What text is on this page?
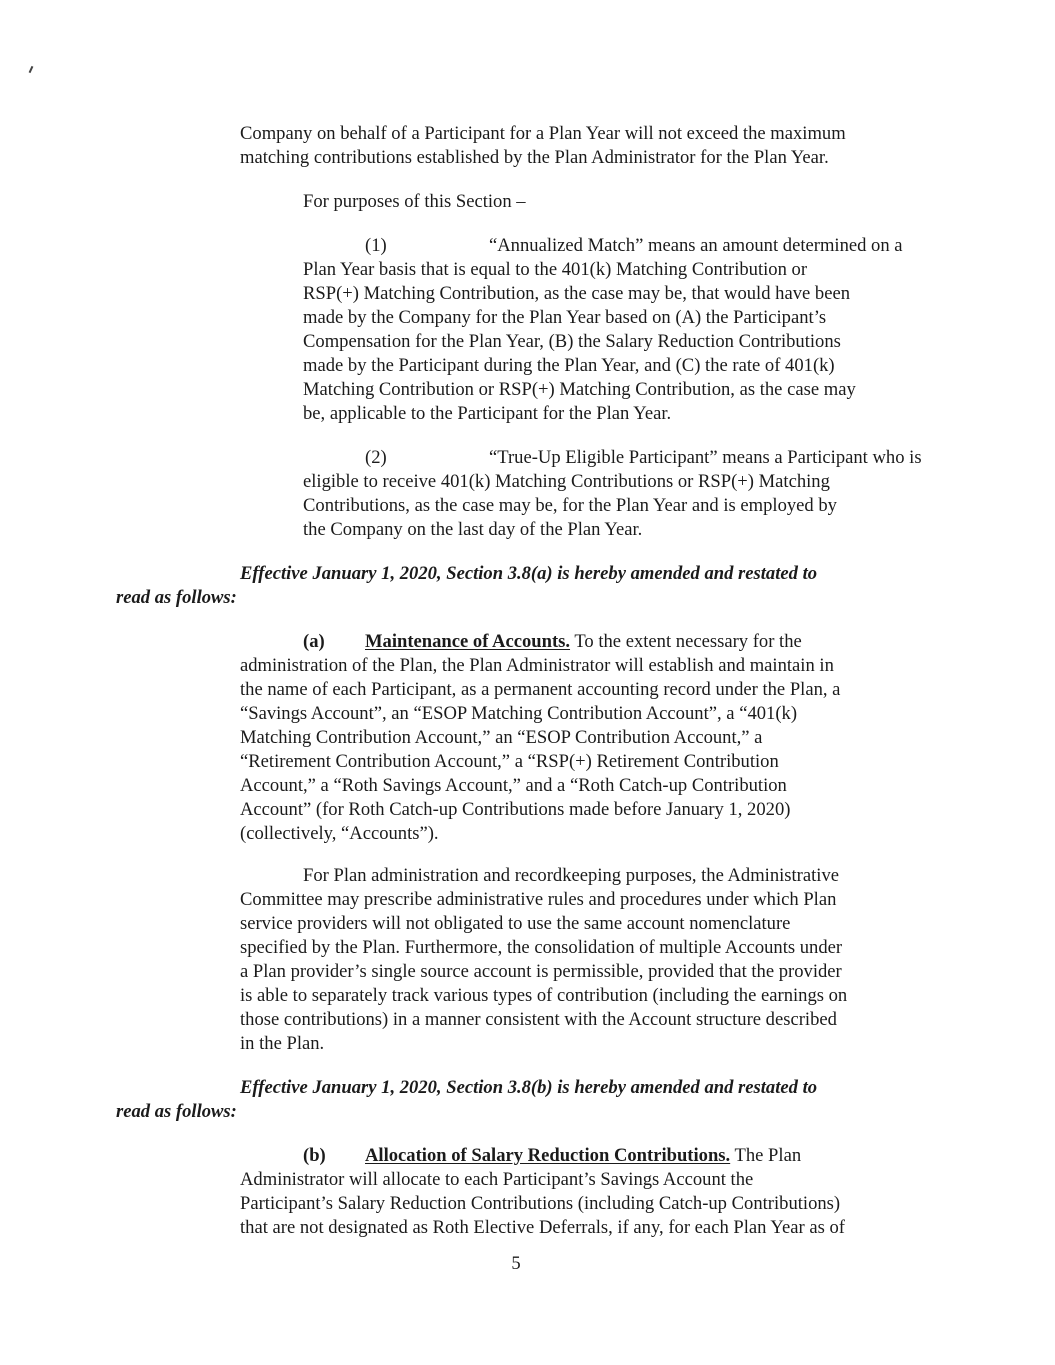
Company on behalf of a Participant for a Plan Year will not exceed the maximum
matching contributions established by the Plan Administrator for the Plan Year.
For purposes of this Section –
(1)	“Annualized Match” means an amount determined on a
Plan Year basis that is equal to the 401(k) Matching Contribution or
RSP(+) Matching Contribution, as the case may be, that would have been
made by the Company for the Plan Year based on (A) the Participant’s
Compensation for the Plan Year, (B) the Salary Reduction Contributions
made by the Participant during the Plan Year, and (C) the rate of 401(k)
Matching Contribution or RSP(+) Matching Contribution, as the case may
be, applicable to the Participant for the Plan Year.
(2)	“True-Up Eligible Participant” means a Participant who is
eligible to receive 401(k) Matching Contributions or RSP(+) Matching
Contributions, as the case may be, for the Plan Year and is employed by
the Company on the last day of the Plan Year.
Effective January 1, 2020, Section 3.8(a) is hereby amended and restated to
read as follows:
(a) Maintenance of Accounts. To the extent necessary for the
administration of the Plan, the Plan Administrator will establish and maintain in
the name of each Participant, as a permanent accounting record under the Plan, a
“Savings Account”, an “ESOP Matching Contribution Account”, a “401(k)
Matching Contribution Account,” an “ESOP Contribution Account,” a
“Retirement Contribution Account,” a “RSP(+) Retirement Contribution
Account,” a “Roth Savings Account,” and a “Roth Catch-up Contribution
Account” (for Roth Catch-up Contributions made before January 1, 2020)
(collectively, “Accounts”).
For Plan administration and recordkeeping purposes, the Administrative
Committee may prescribe administrative rules and procedures under which Plan
service providers will not obligated to use the same account nomenclature
specified by the Plan. Furthermore, the consolidation of multiple Accounts under
a Plan provider’s single source account is permissible, provided that the provider
is able to separately track various types of contribution (including the earnings on
those contributions) in a manner consistent with the Account structure described
in the Plan.
Effective January 1, 2020, Section 3.8(b) is hereby amended and restated to
read as follows:
(b) Allocation of Salary Reduction Contributions. The Plan
Administrator will allocate to each Participant’s Savings Account the
Participant’s Salary Reduction Contributions (including Catch-up Contributions)
that are not designated as Roth Elective Deferrals, if any, for each Plan Year as of
5
